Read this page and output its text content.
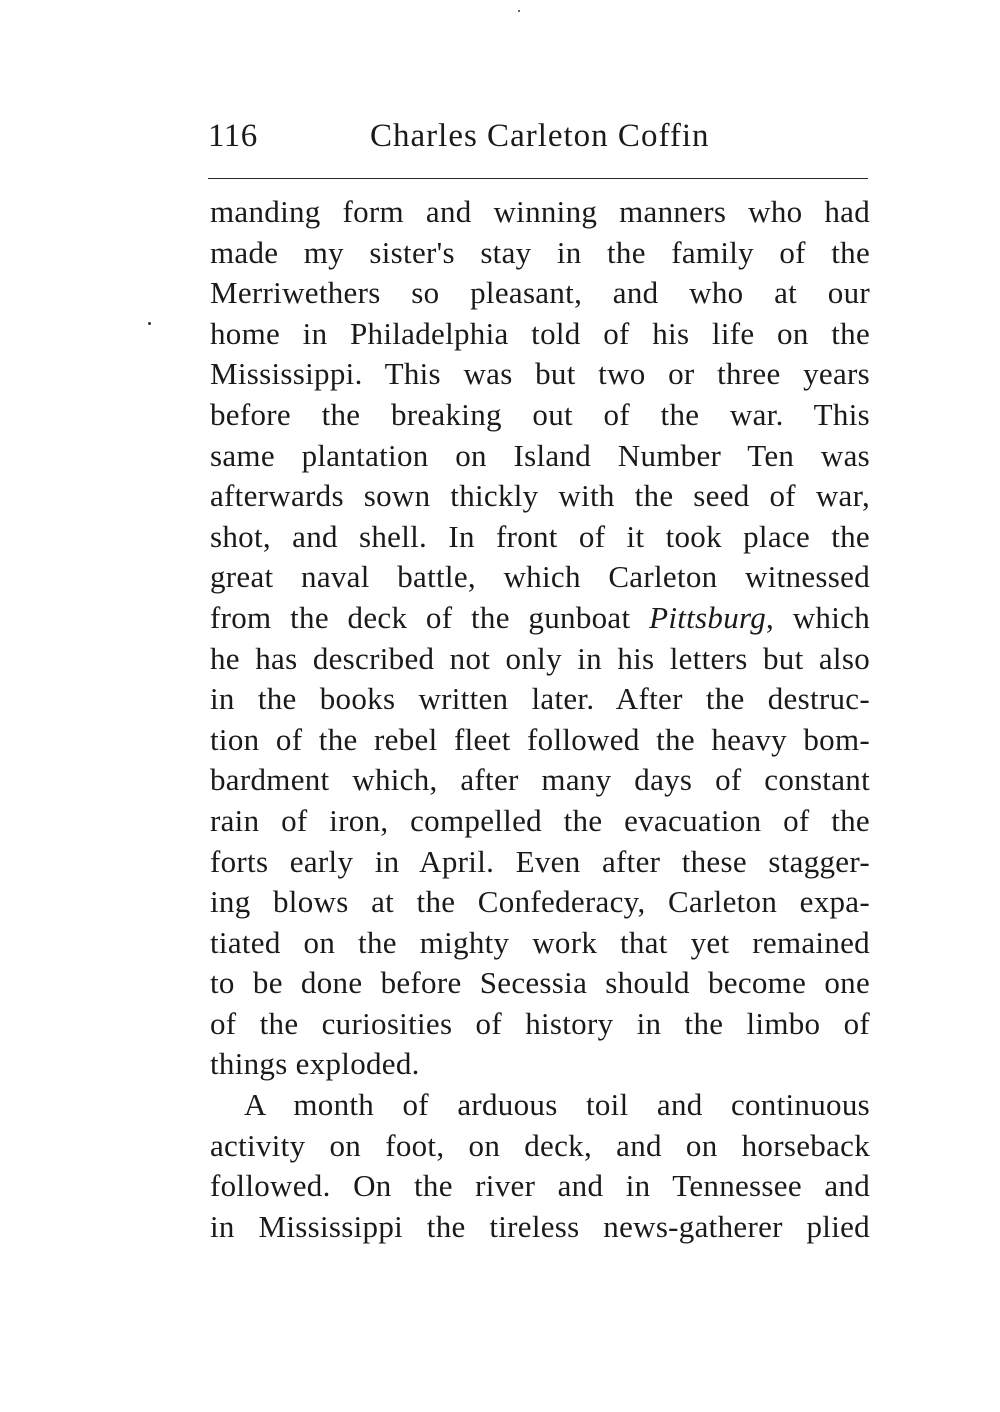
116	Charles Carleton Coffin
manding form and winning manners who had
made my sister's stay in the family of the
Merriwethers so pleasant, and who at our
home in Philadelphia told of his life on the
Mississippi. This was but two or three years
before the breaking out of the war. This
same plantation on Island Number Ten was
afterwards sown thickly with the seed of war,
shot, and shell. In front of it took place the
great naval battle, which Carleton witnessed
from the deck of the gunboat Pittsburg, which
he has described not only in his letters but also
in the books written later. After the destruc-
tion of the rebel fleet followed the heavy bom-
bardment which, after many days of constant
rain of iron, compelled the evacuation of the
forts early in April. Even after these stagger-
ing blows at the Confederacy, Carleton expa-
tiated on the mighty work that yet remained
to be done before Secessia should become one
of the curiosities of history in the limbo of
things exploded.
A month of arduous toil and continuous
activity on foot, on deck, and on horseback
followed. On the river and in Tennessee and
in Mississippi the tireless news-gatherer plied
